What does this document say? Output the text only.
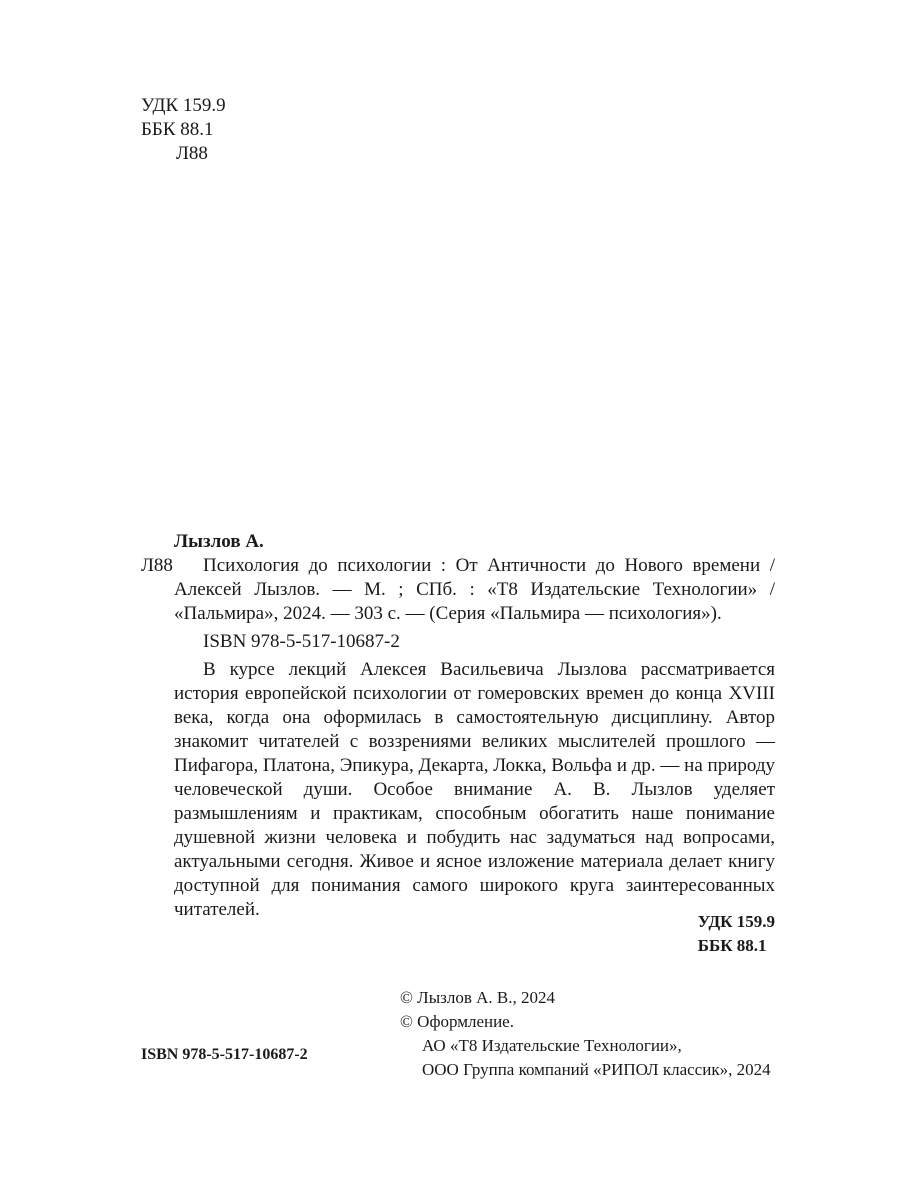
УДК 159.9
ББК 88.1
Л88
Лызлов А.
Л88	Психология до психологии : От Античности до Нового времени / Алексей Лызлов. — М. ; СПб. : «Т8 Издательские Технологии» / «Пальмира», 2024. — 303 с. — (Серия «Пальмира — психология»).
ISBN 978-5-517-10687-2
В курсе лекций Алексея Васильевича Лызлова рассматривается история европейской психологии от гомеровских времен до конца XVIII века, когда она оформилась в самостоятельную дисциплину. Автор знакомит читателей с воззрениями великих мыслителей прошлого — Пифагора, Платона, Эпикура, Декарта, Локка, Вольфа и др. — на природу человеческой души. Особое внимание А. В. Лызлов уделяет размышлениям и практикам, способным обогатить наше понимание душевной жизни человека и побудить нас задуматься над вопросами, актуальными сегодня. Живое и ясное изложение материала делает книгу доступной для понимания самого широкого круга заинтересованных читателей.
УДК 159.9
ББК 88.1
© Лызлов А. В., 2024
© Оформление.
АО «Т8 Издательские Технологии»,
ООО Группа компаний «РИПОЛ классик», 2024
ISBN 978-5-517-10687-2
